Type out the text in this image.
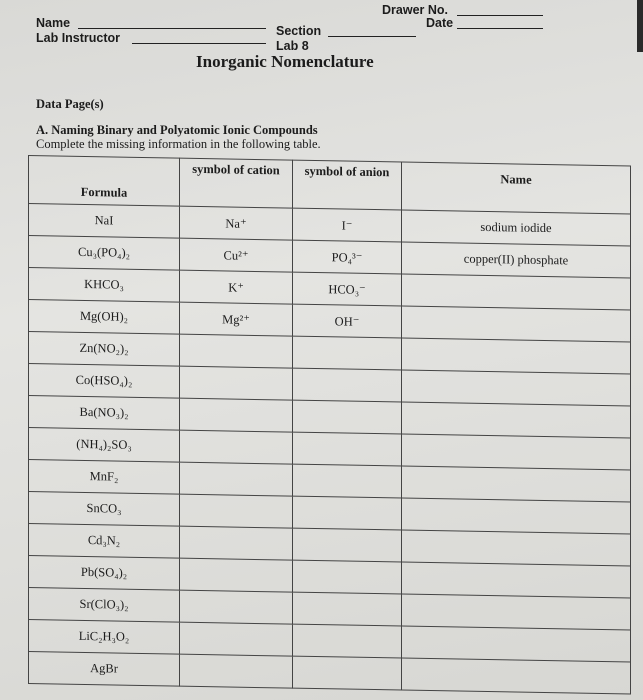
Name
Lab Instructor	Section
Lab 8
Drawer No.
Date
Inorganic Nomenclature
Data Page(s)
A. Naming Binary and Polyatomic Ionic Compounds
Complete the missing information in the following table.
Formula	symbol of cation	symbol of anion	Name
NaI	Na⁺	I⁻	sodium iodide
Cu₃(PO₄)₂	Cu²⁺	PO₄³⁻	copper(II) phosphate
KHCO₃	K⁺	HCO₃⁻	
Mg(OH)₂	Mg²⁺	OH⁻	
Zn(NO₂)₂			
Co(HSO₄)₂			
Ba(NO₃)₂			
(NH₄)₂SO₃			
MnF₂			
SnCO₃			
Cd₃N₂			
Pb(SO₄)₂			
Sr(ClO₃)₂			
LiC₂H₃O₂			
AgBr			
